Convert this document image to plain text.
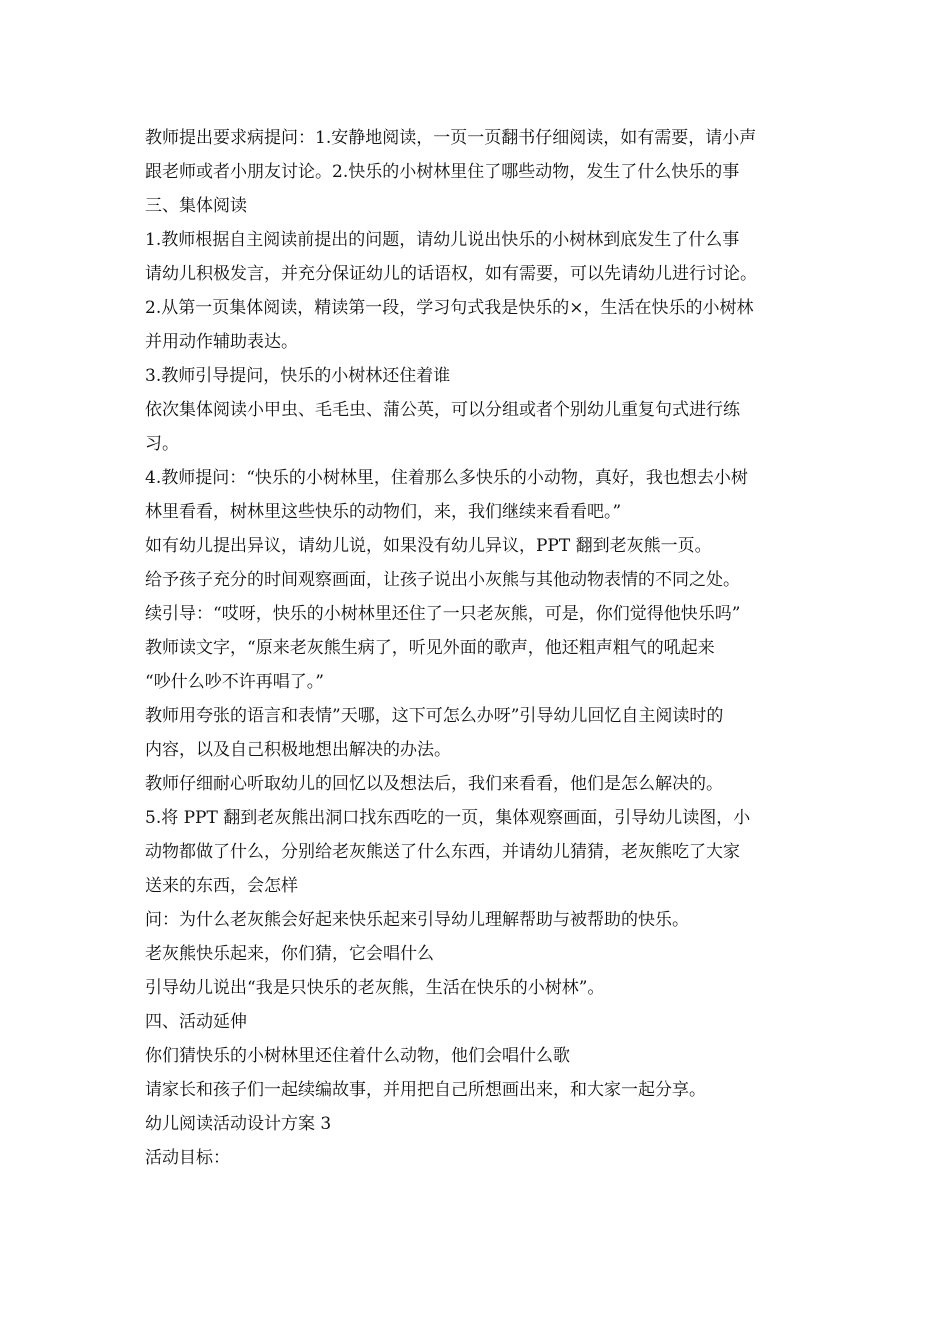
教师提出要求病提问：1.安静地阅读，一页一页翻书仔细阅读，如有需要，请小声
跟老师或者小朋友讨论。2.快乐的小树林里住了哪些动物，发生了什么快乐的事
三、集体阅读
1.教师根据自主阅读前提出的问题，请幼儿说出快乐的小树林到底发生了什么事
请幼儿积极发言，并充分保证幼儿的话语权，如有需要，可以先请幼儿进行讨论。
2.从第一页集体阅读，精读第一段，学习句式我是快乐的×，生活在快乐的小树林
并用动作辅助表达。
3.教师引导提问，快乐的小树林还住着谁
依次集体阅读小甲虫、毛毛虫、蒲公英，可以分组或者个别幼儿重复句式进行练
习。
4.教师提问：“快乐的小树林里，住着那么多快乐的小动物，真好，我也想去小树
林里看看，树林里这些快乐的动物们，来，我们继续来看看吧。”
如有幼儿提出异议，请幼儿说，如果没有幼儿异议，PPT 翻到老灰熊一页。
给予孩子充分的时间观察画面，让孩子说出小灰熊与其他动物表情的不同之处。
续引导：“哎呀，快乐的小树林里还住了一只老灰熊，可是，你们觉得他快乐吗”
教师读文字，“原来老灰熊生病了，听见外面的歌声，他还粗声粗气的吼起来
“吵什么吵不许再唱了。”
教师用夸张的语言和表情”天哪，这下可怎么办呀”引导幼儿回忆自主阅读时的
内容，以及自己积极地想出解决的办法。
教师仔细耐心听取幼儿的回忆以及想法后，我们来看看，他们是怎么解决的。
5.将 PPT 翻到老灰熊出洞口找东西吃的一页，集体观察画面，引导幼儿读图，小
动物都做了什么，分别给老灰熊送了什么东西，并请幼儿猜猜，老灰熊吃了大家
送来的东西，会怎样
问：为什么老灰熊会好起来快乐起来引导幼儿理解帮助与被帮助的快乐。
老灰熊快乐起来，你们猜，它会唱什么
引导幼儿说出“我是只快乐的老灰熊，生活在快乐的小树林”。
四、活动延伸
你们猜快乐的小树林里还住着什么动物，他们会唱什么歌
请家长和孩子们一起续编故事，并用把自己所想画出来，和大家一起分享。
幼儿阅读活动设计方案 3
活动目标：
